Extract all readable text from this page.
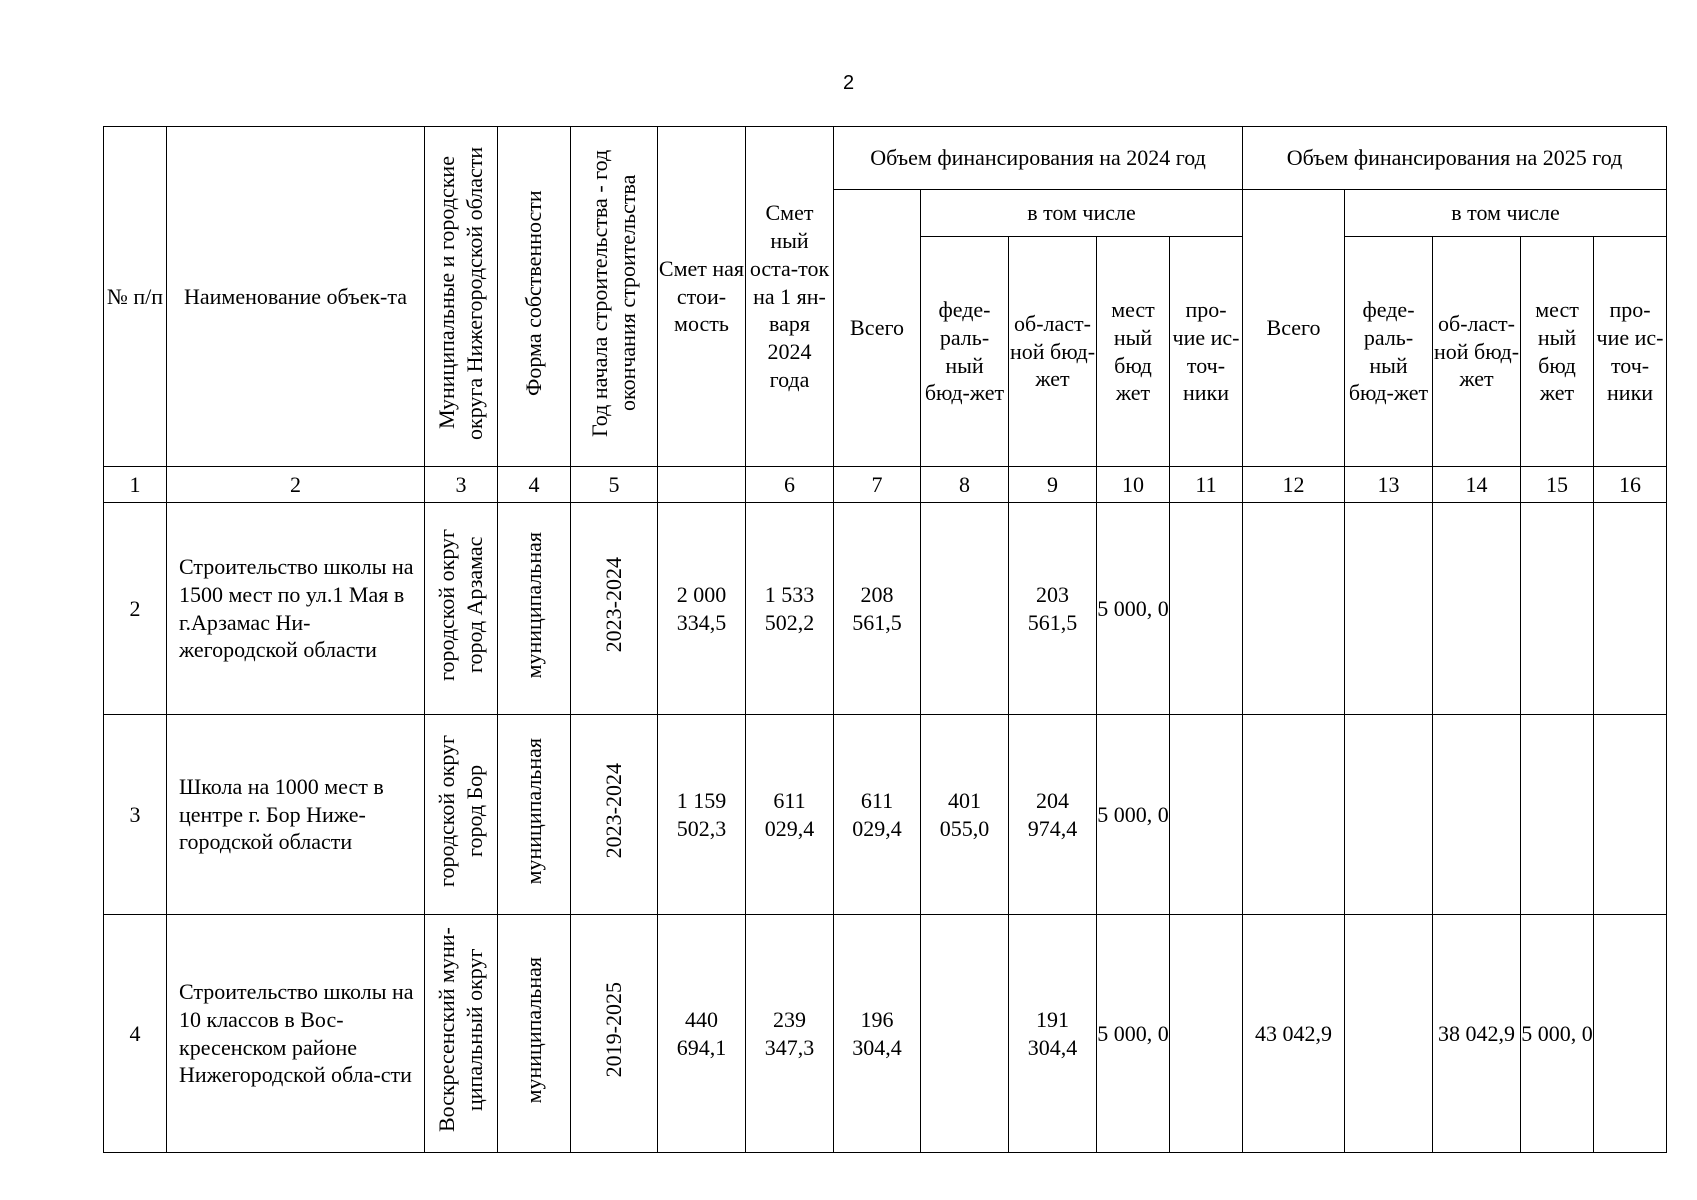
2
№ п/п	Наименование объек-та	Муниципальные и городские округа Нижегородской области	Форма собственности	Год начала строительства - год окончания строительства	Смет ная стои-мость	Смет ный оста-ток на 1 ян-варя 2024 года	Объем финансирования на 2024 год					Объем финансирования на 2025 год				
							Всего	в том числе				Всего	в том числе			
								феде-раль-ный бюд-жет	об-ласт-ной бюд-жет	мест ный бюд жет	про-чие ис-точ-ники		феде-раль-ный бюд-жет	об-ласт-ной бюд-жет	мест ный бюд жет	про-чие ис-точ-ники
1	2	3	4	5		6	7	8	9	10	11	12	13	14	15	16
2	Строительство школы на 1500 мест по ул.1 Мая в г.Арзамас Ни-жегородской области	городской округ город Арзамас	муниципальная	2023-2024	2 000 334,5	1 533 502,2	208 561,5		203 561,5	5 000, 0						
3	Школа на 1000 мест в центре г. Бор Ниже-городской области	городской округ город Бор	муниципальная	2023-2024	1 159 502,3	611 029,4	611 029,4	401 055,0	204 974,4	5 000, 0						
4	Строительство школы на 10 классов в Вос-кресенском районе Нижегородской обла-сти	Воскресенский муни-ципальный округ	муниципальная	2019-2025	440 694,1	239 347,3	196 304,4		191 304,4	5 000, 0		43 042,9		38 042,9	5 000, 0	
